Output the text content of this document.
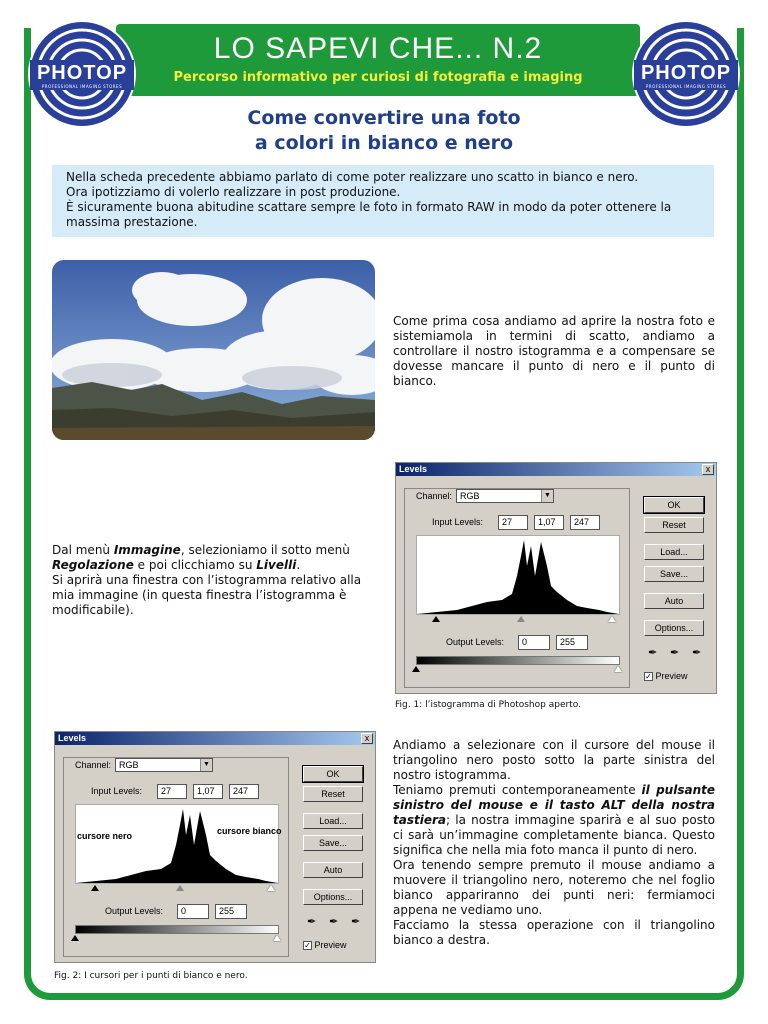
LO SAPEVI CHE... N.2
Percorso informativo per curiosi di fotografia e imaging
PHOTOP
PROFESSIONAL IMAGING STORES
PHOTOP
PROFESSIONAL IMAGING STORES
Come convertire una foto
a colori in bianco e nero
Nella scheda precedente abbiamo parlato di come poter realizzare uno scatto in bianco e nero.
Ora ipotizziamo di volerlo realizzare in post produzione.
È sicuramente buona abitudine scattare sempre le foto in formato RAW in modo da poter ottenere la massima prestazione.
Come prima cosa andiamo ad aprire la nostra foto e sistemiamola in termini di scatto, andiamo a controllare il nostro istogramma e a compensare se dovesse mancare il punto di nero e il punto di bianco.
Levels	x
Channel: RGB	▼
Input Levels:	27	1,07	247
Output Levels:	0	255
OK
Reset
Load...
Save...
Auto
Options...
✒ ✒ ✒
✓ Preview
Fig. 1: l’istogramma di Photoshop aperto.
Dal menù Immagine, selezioniamo il sotto menù Regolazione e poi clicchiamo su Livelli.
Si aprirà una finestra con l’istogramma relativo alla mia immagine (in questa finestra l’istogramma è modificabile).
Levels	x
Channel: RGB	▼
Input Levels:	27	1,07	247
cursore nero	cursore bianco
Output Levels:	0	255
OK
Reset
Load...
Save...
Auto
Options...
✒ ✒ ✒
✓ Preview
Fig. 2: I cursori per i punti di bianco e nero.
Andiamo a selezionare con il cursore del mouse il triangolino nero posto sotto la parte sinistra del nostro istogramma.
Teniamo premuti contemporaneamente il pulsante sinistro del mouse e il tasto ALT della nostra tastiera; la nostra immagine sparirà e al suo posto ci sarà un’immagine completamente bianca. Questo significa che nella mia foto manca il punto di nero.
Ora tenendo sempre premuto il mouse andiamo a muovere il triangolino nero, noteremo che nel foglio bianco appariranno dei punti neri: fermiamoci appena ne vediamo uno.
Facciamo la stessa operazione con il triangolino bianco a destra.
